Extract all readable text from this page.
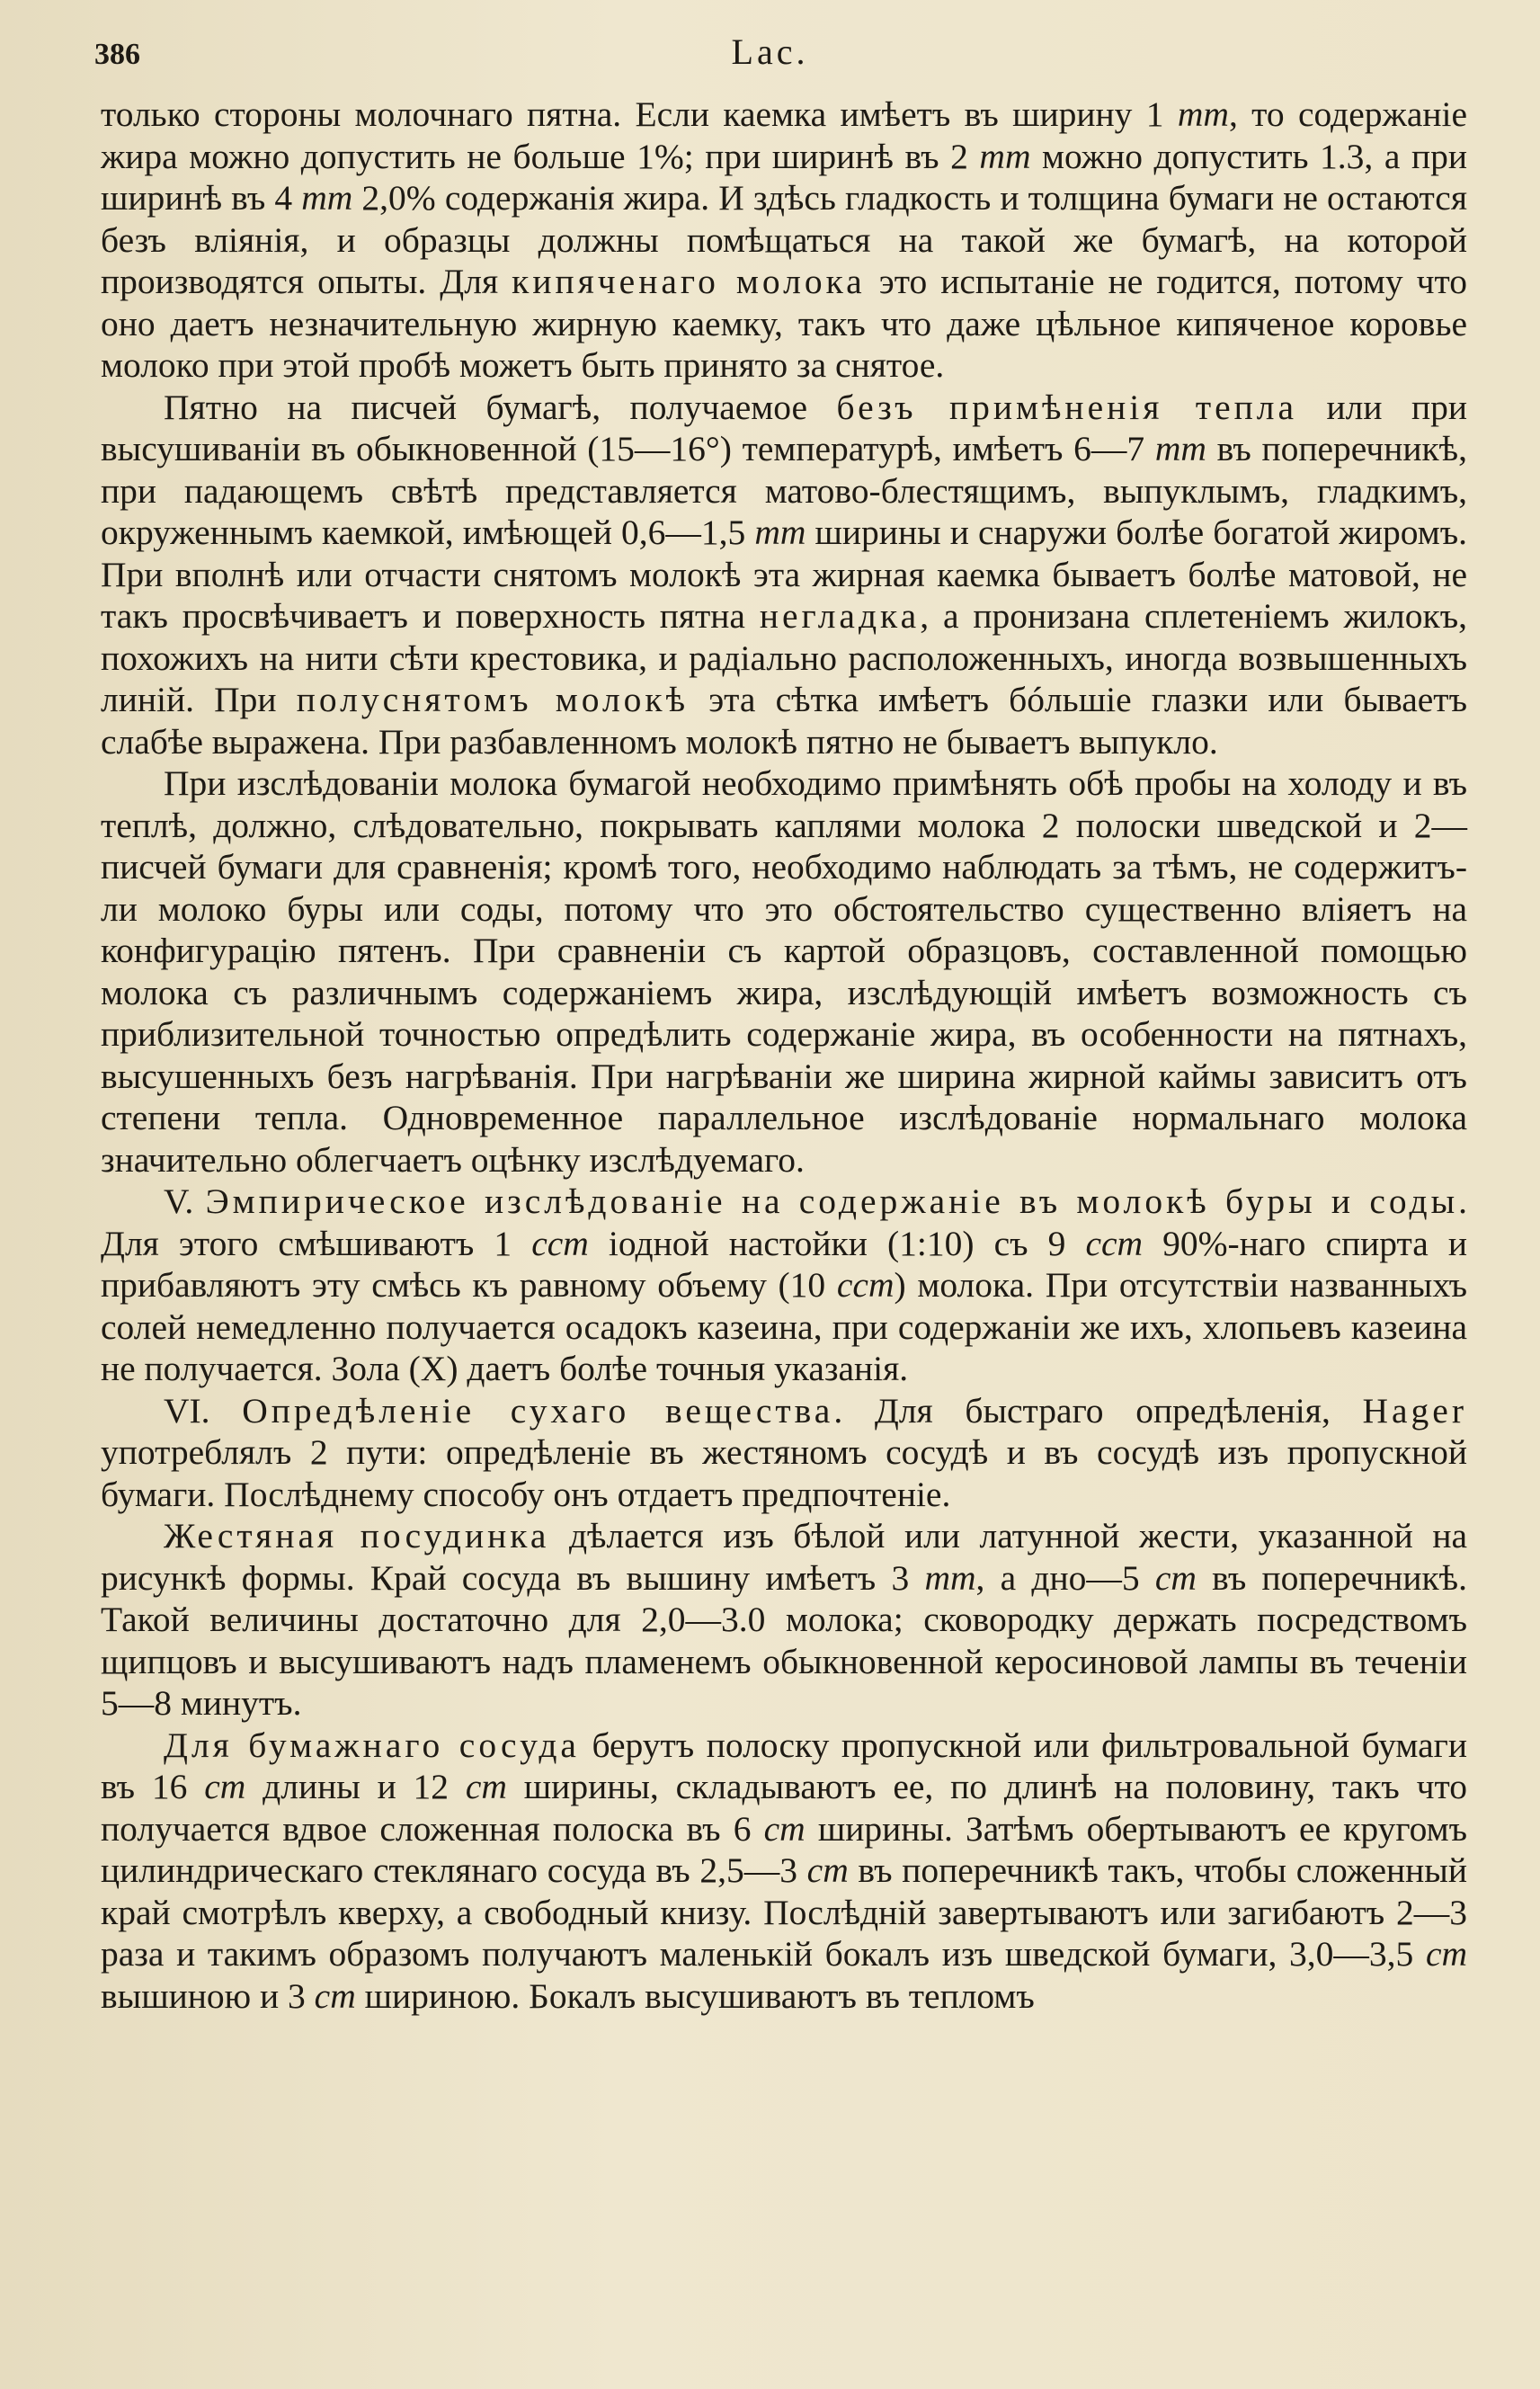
386	Lac.

только стороны молочнаго пятна. Если каемка имѣетъ въ ширину 1 mm, то содержаніе жира можно допустить не больше 1%; при ширинѣ въ 2 mm можно допустить 1.3, а при ширинѣ въ 4 mm 2,0% содержанія жира. И здѣсь гладкость и толщина бумаги не остаются безъ вліянія, и образцы должны помѣщаться на такой же бумагѣ, на которой производятся опыты. Для кипяченаго молока это испытаніе не годится, потому что оно даетъ незначительную жирную каемку, такъ что даже цѣльное кипяченое коровье молоко при этой пробѣ можетъ быть принято за снятое.

Пятно на писчей бумагѣ, получаемое безъ примѣненія тепла или при высушиваніи въ обыкновенной (15—16°) температурѣ, имѣетъ 6—7 mm въ поперечникѣ, при падающемъ свѣтѣ представляется матово-блестящимъ, выпуклымъ, гладкимъ, окруженнымъ каемкой, имѣющей 0,6—1,5 mm ширины и снаружи болѣе богатой жиромъ. При вполнѣ или отчасти снятомъ молокѣ эта жирная каемка бываетъ болѣе матовой, не такъ просвѣчиваетъ и поверхность пятна негладка, а пронизана сплетеніемъ жилокъ, похожихъ на нити сѣти крестовика, и радіально расположенныхъ, иногда возвышенныхъ линій. При полуснятомъ молокѣ эта сѣтка имѣетъ бóльшіе глазки или бываетъ слабѣе выражена. При разбавленномъ молокѣ пятно не бываетъ выпукло.

При изслѣдованіи молока бумагой необходимо примѣнять обѣ пробы на холоду и въ теплѣ, должно, слѣдовательно, покрывать каплями молока 2 полоски шведской и 2—писчей бумаги для сравненія; кромѣ того, необходимо наблюдать за тѣмъ, не содержитъ-ли молоко буры или соды, потому что это обстоятельство существенно вліяетъ на конфигурацію пятенъ. При сравненіи съ картой образцовъ, составленной помощью молока съ различнымъ содержаніемъ жира, изслѣдующій имѣетъ возможность съ приблизительной точностью опредѣлить содержаніе жира, въ особенности на пятнахъ, высушенныхъ безъ нагрѣванія. При нагрѣваніи же ширина жирной каймы зависитъ отъ степени тепла. Одновременное параллельное изслѣдованіе нормальнаго молока значительно облегчаетъ оцѣнку изслѣдуемаго.

V. Эмпирическое изслѣдованіе на содержаніе въ молокѣ буры и соды. Для этого смѣшиваютъ 1 ccm іодной настойки (1:10) съ 9 ccm 90%-наго спирта и прибавляютъ эту смѣсь къ равному объему (10 ccm) молока. При отсутствіи названныхъ солей немедленно получается осадокъ казеина, при содержаніи же ихъ, хлопьевъ казеина не получается. Зола (X) даетъ болѣе точныя указанія.

VI. Опредѣленіе сухаго вещества. Для быстраго опредѣленія, Hager употреблялъ 2 пути: опредѣленіе въ жестяномъ сосудѣ и въ сосудѣ изъ пропускной бумаги. Послѣднему способу онъ отдаетъ предпочтеніе.

Жестяная посудинка дѣлается изъ бѣлой или латунной жести, указанной на рисункѣ формы. Край сосуда въ вышину имѣетъ 3 mm, а дно—5 cm въ поперечникѣ. Такой величины достаточно для 2,0—3.0 молока; сковородку держать посредствомъ щипцовъ и высушиваютъ надъ пламенемъ обыкновенной керосиновой лампы въ теченіи 5—8 минутъ.

Для бумажнаго сосуда берутъ полоску пропускной или фильтровальной бумаги въ 16 cm длины и 12 cm ширины, складываютъ ее, по длинѣ на половину, такъ что получается вдвое сложенная полоска въ 6 cm ширины. Затѣмъ обертываютъ ее кругомъ цилиндрическаго стеклянаго сосуда въ 2,5—3 cm въ поперечникѣ такъ, чтобы сложенный край смотрѣлъ кверху, а свободный книзу. Послѣдній завертываютъ или загибаютъ 2—3 раза и такимъ образомъ получаютъ маленькій бокалъ изъ шведской бумаги, 3,0—3,5 cm вышиною и 3 cm шириною. Бокалъ высушиваютъ въ тепломъ
